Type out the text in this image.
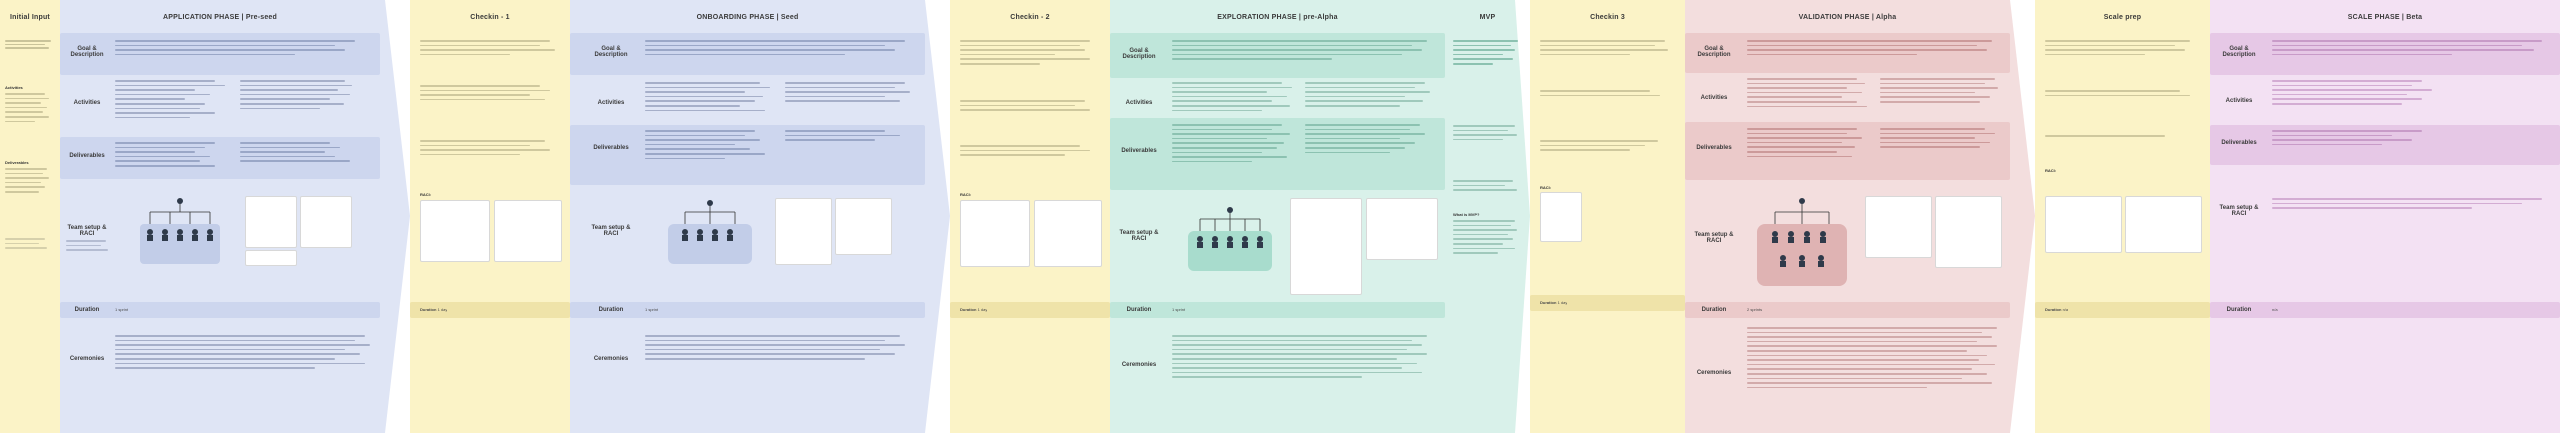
Initial Input
Activities
Deliverables
APPLICATION PHASE | Pre-seed
Goal & Description
Activities
Deliverables
Team setup & RACI
Duration	1 sprint
Ceremonies
Checkin - 1
RACI:
Duration 1 day
ONBOARDING PHASE | Seed
Goal & Description
Activities
Deliverables
Team setup & RACI
Duration	1 sprint
Ceremonies
Checkin - 2
RACI:
Duration 1 day
EXPLORATION PHASE | pre-Alpha
Goal & Description
Activities
Deliverables
Team setup & RACI
Duration	1 sprint
Ceremonies
MVP
What is MVP?
Checkin 3
RACI:
Duration 1 day
VALIDATION PHASE | Alpha
Goal & Description
Activities
Deliverables
Team setup & RACI
Duration	2 sprints
Ceremonies
Scale prep
RACI:
Duration n/a
SCALE PHASE | Beta
Goal & Description
Activities
Deliverables
Team setup & RACI
Duration	n/a
